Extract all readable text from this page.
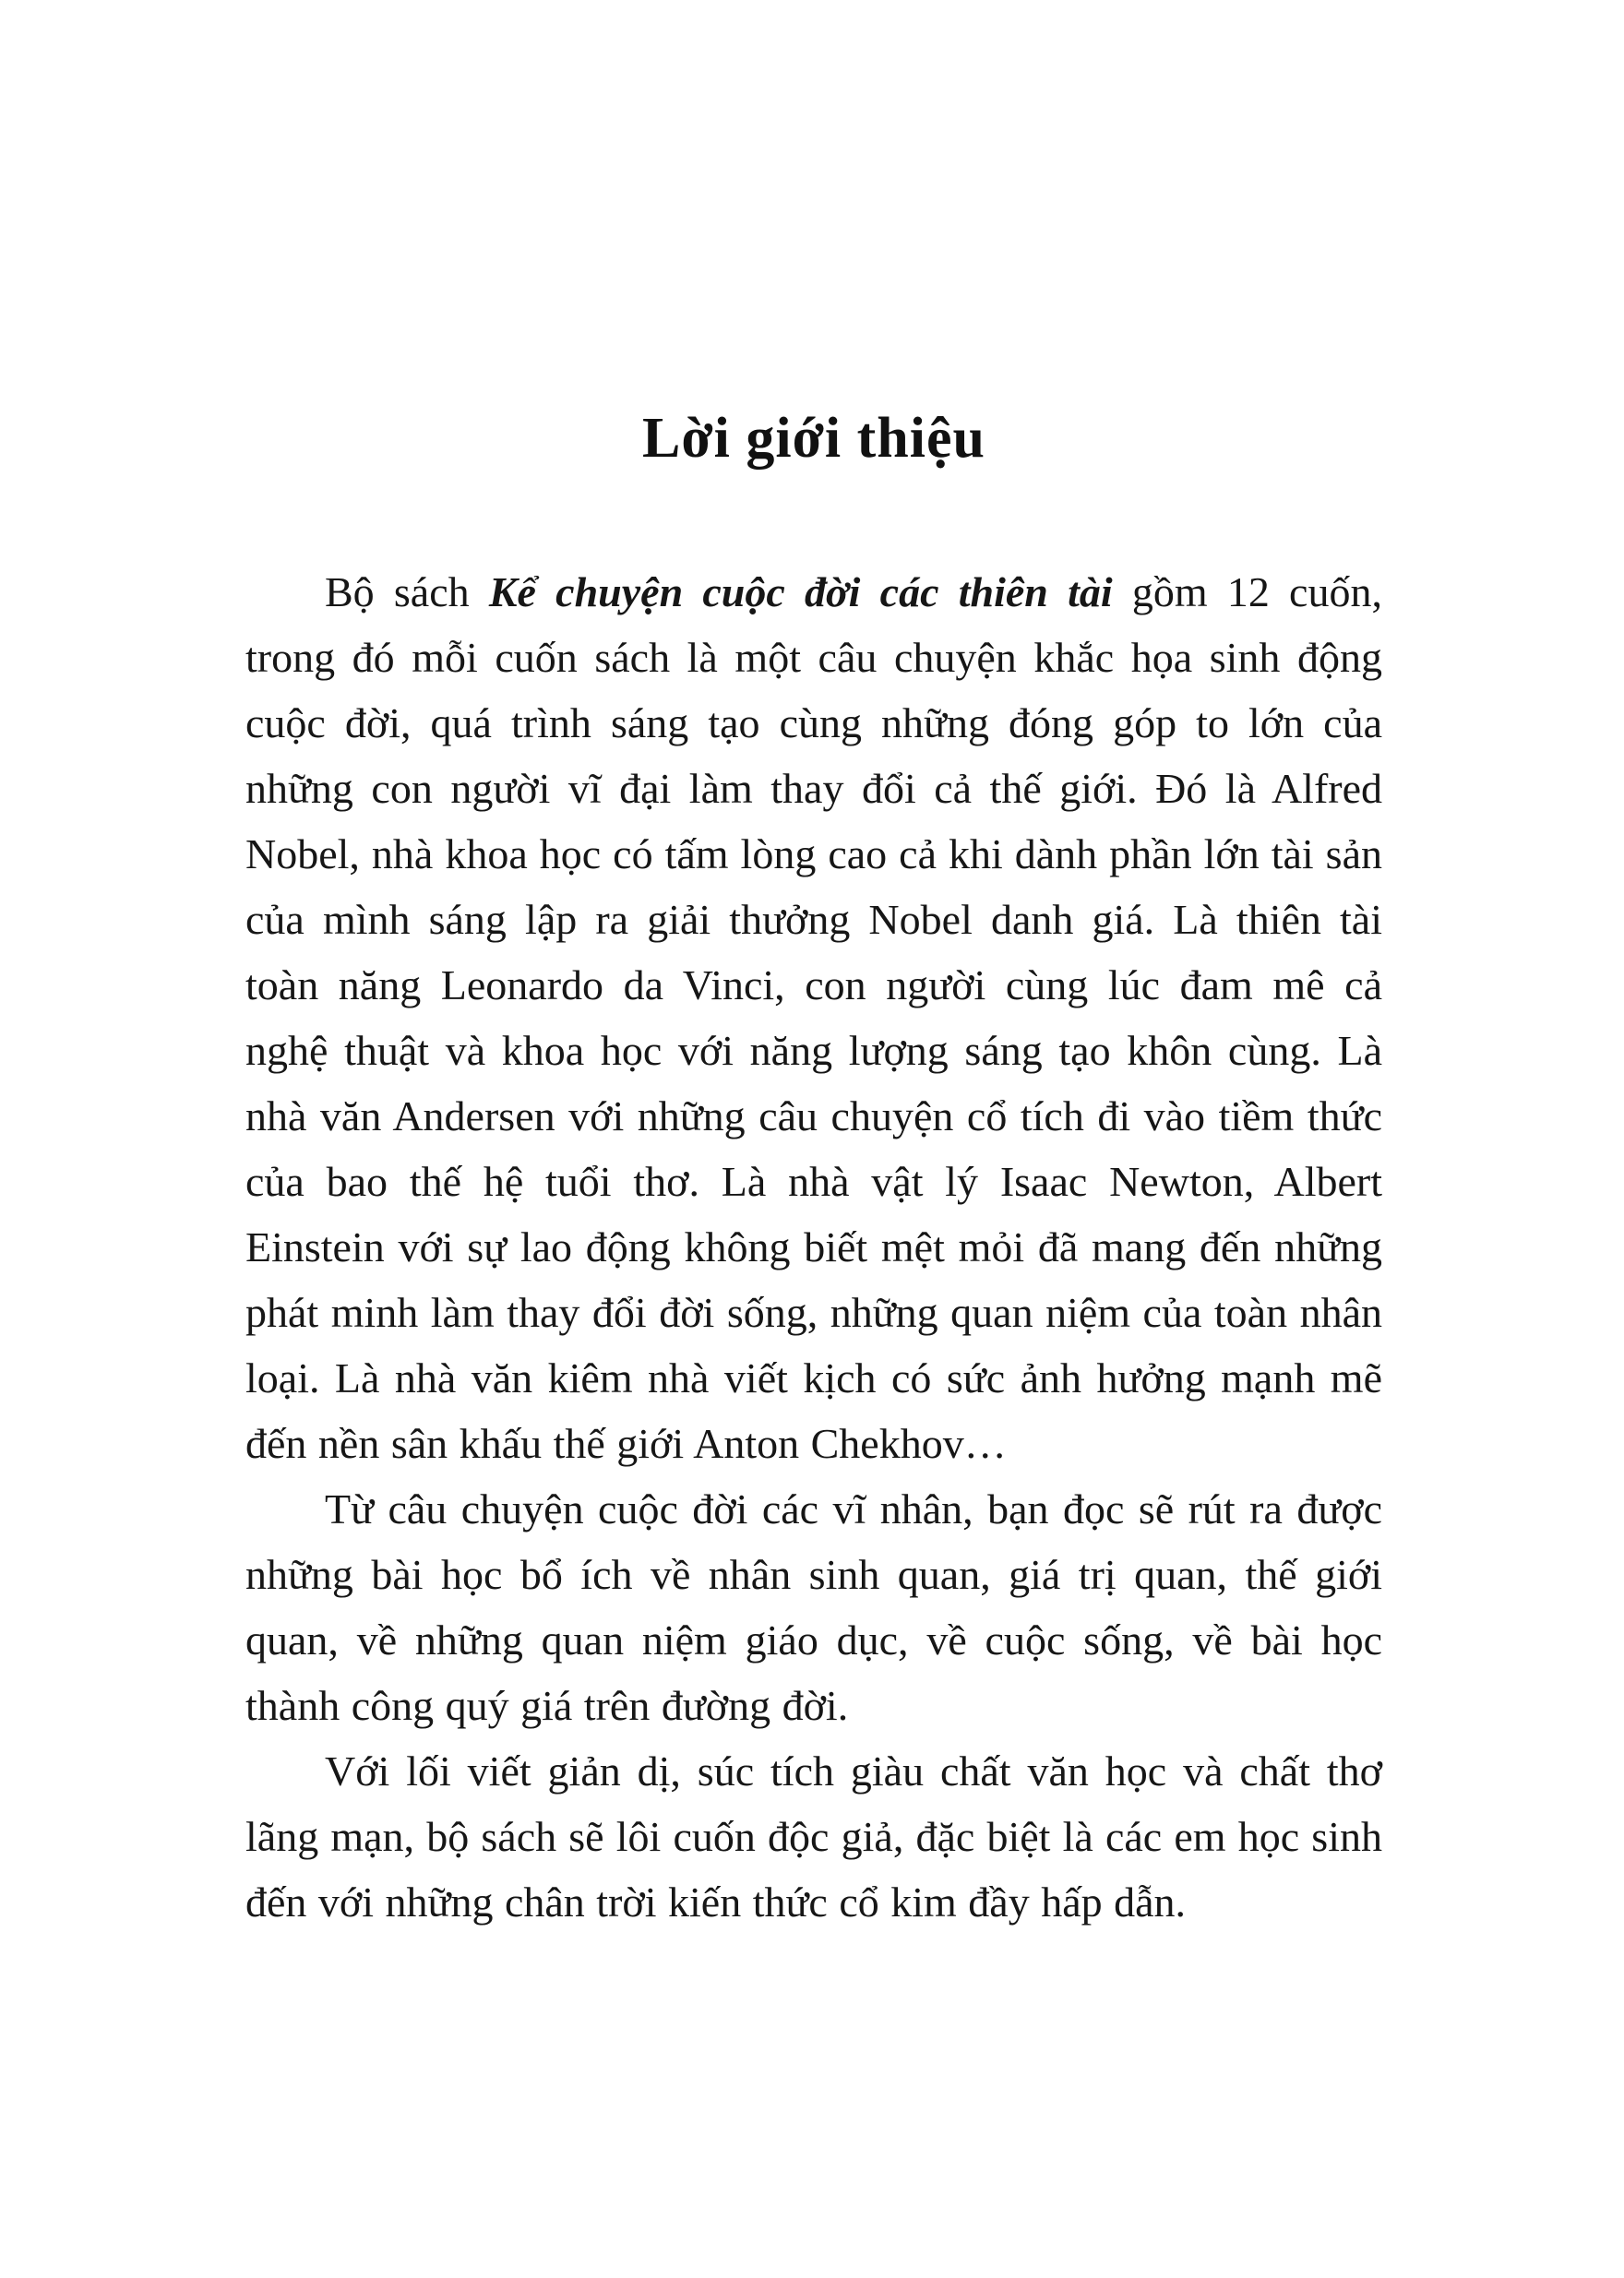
Lời giới thiệu

Bộ sách Kể chuyện cuộc đời các thiên tài gồm 12 cuốn, trong đó mỗi cuốn sách là một câu chuyện khắc họa sinh động cuộc đời, quá trình sáng tạo cùng những đóng góp to lớn của những con người vĩ đại làm thay đổi cả thế giới. Đó là Alfred Nobel, nhà khoa học có tấm lòng cao cả khi dành phần lớn tài sản của mình sáng lập ra giải thưởng Nobel danh giá. Là thiên tài toàn năng Leonardo da Vinci, con người cùng lúc đam mê cả nghệ thuật và khoa học với năng lượng sáng tạo khôn cùng. Là nhà văn Andersen với những câu chuyện cổ tích đi vào tiềm thức của bao thế hệ tuổi thơ. Là nhà vật lý Isaac Newton, Albert Einstein với sự lao động không biết mệt mỏi đã mang đến những phát minh làm thay đổi đời sống, những quan niệm của toàn nhân loại. Là nhà văn kiêm nhà viết kịch có sức ảnh hưởng mạnh mẽ đến nền sân khấu thế giới Anton Chekhov…

Từ câu chuyện cuộc đời các vĩ nhân, bạn đọc sẽ rút ra được những bài học bổ ích về nhân sinh quan, giá trị quan, thế giới quan, về những quan niệm giáo dục, về cuộc sống, về bài học thành công quý giá trên đường đời.

Với lối viết giản dị, súc tích giàu chất văn học và chất thơ lãng mạn, bộ sách sẽ lôi cuốn độc giả, đặc biệt là các em học sinh đến với những chân trời kiến thức cổ kim đầy hấp dẫn.
